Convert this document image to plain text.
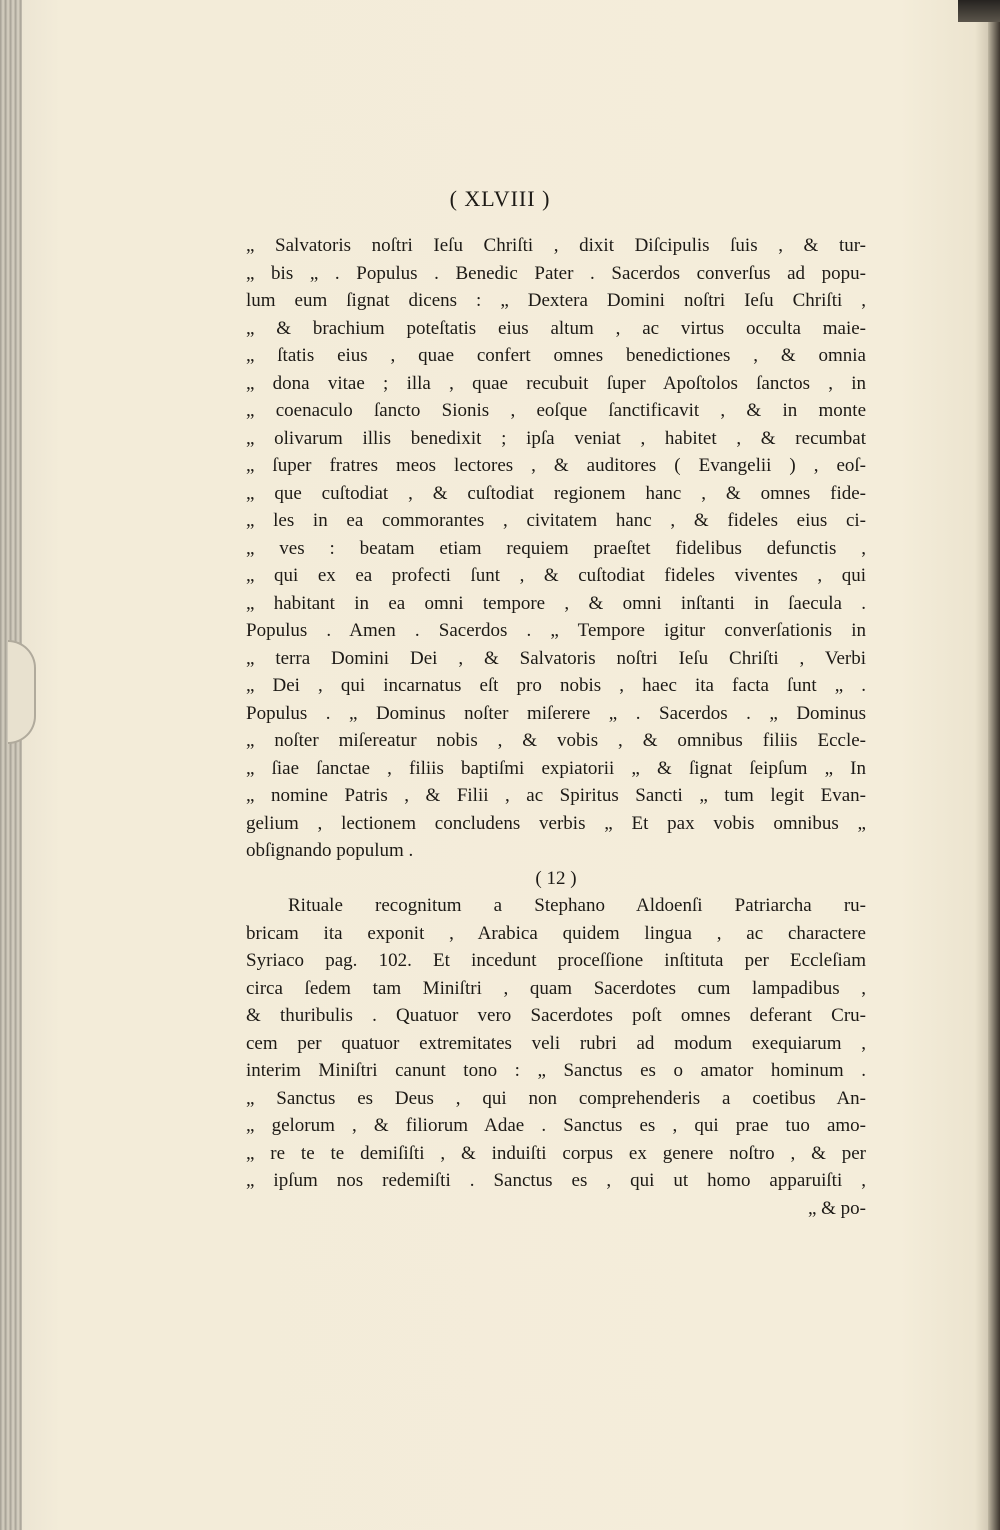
( XLVIII )
„ Salvatoris noſtri Ieſu Chriſti , dixit Diſcipulis ſuis , & tur-
„ bis „ . Populus . Benedic Pater . Sacerdos converſus ad popu-
lum eum ſignat dicens : „ Dextera Domini noſtri Ieſu Chriſti ,
„ & brachium poteſtatis eius altum , ac virtus occulta maie-
„ ſtatis eius , quae confert omnes benedictiones , & omnia
„ dona vitae ; illa , quae recubuit ſuper Apoſtolos ſanctos , in
„ coenaculo ſancto Sionis , eoſque ſanctificavit , & in monte
„ olivarum illis benedixit ; ipſa veniat , habitet , & recumbat
„ ſuper fratres meos lectores , & auditores ( Evangelii ) , eoſ-
„ que cuſtodiat , & cuſtodiat regionem hanc , & omnes fide-
„ les in ea commorantes , civitatem hanc , & fideles eius ci-
„ ves : beatam etiam requiem praeſtet fidelibus defunctis ,
„ qui ex ea profecti ſunt , & cuſtodiat fideles viventes , qui
„ habitant in ea omni tempore , & omni inſtanti in ſaecula .
Populus . Amen . Sacerdos . „ Tempore igitur converſationis in
„ terra Domini Dei , & Salvatoris noſtri Ieſu Chriſti , Verbi
„ Dei , qui incarnatus eſt pro nobis , haec ita facta ſunt „ .
Populus . „ Dominus noſter miſerere „ . Sacerdos . „ Dominus
„ noſter miſereatur nobis , & vobis , & omnibus filiis Eccle-
„ ſiae ſanctae , filiis baptiſmi expiatorii „ & ſignat ſeipſum „ In
„ nomine Patris , & Filii , ac Spiritus Sancti „ tum legit Evan-
gelium , lectionem concludens verbis „ Et pax vobis omnibus „
obſignando populum .
( 12 )
Rituale recognitum a Stephano Aldoenſi Patriarcha ru-
bricam ita exponit , Arabica quidem lingua , ac charactere
Syriaco pag. 102. Et incedunt proceſſione inſtituta per Eccleſiam
circa ſedem tam Miniſtri , quam Sacerdotes cum lampadibus ,
& thuribulis . Quatuor vero Sacerdotes poſt omnes deferant Cru-
cem per quatuor extremitates veli rubri ad modum exequiarum ,
interim Miniſtri canunt tono : „ Sanctus es o amator hominum .
„ Sanctus es Deus , qui non comprehenderis a coetibus An-
„ gelorum , & filiorum Adae . Sanctus es , qui prae tuo amo-
„ re te te demiſiſti , & induiſti corpus ex genere noſtro , & per
„ ipſum nos redemiſti . Sanctus es , qui ut homo apparuiſti ,
„ & po-
